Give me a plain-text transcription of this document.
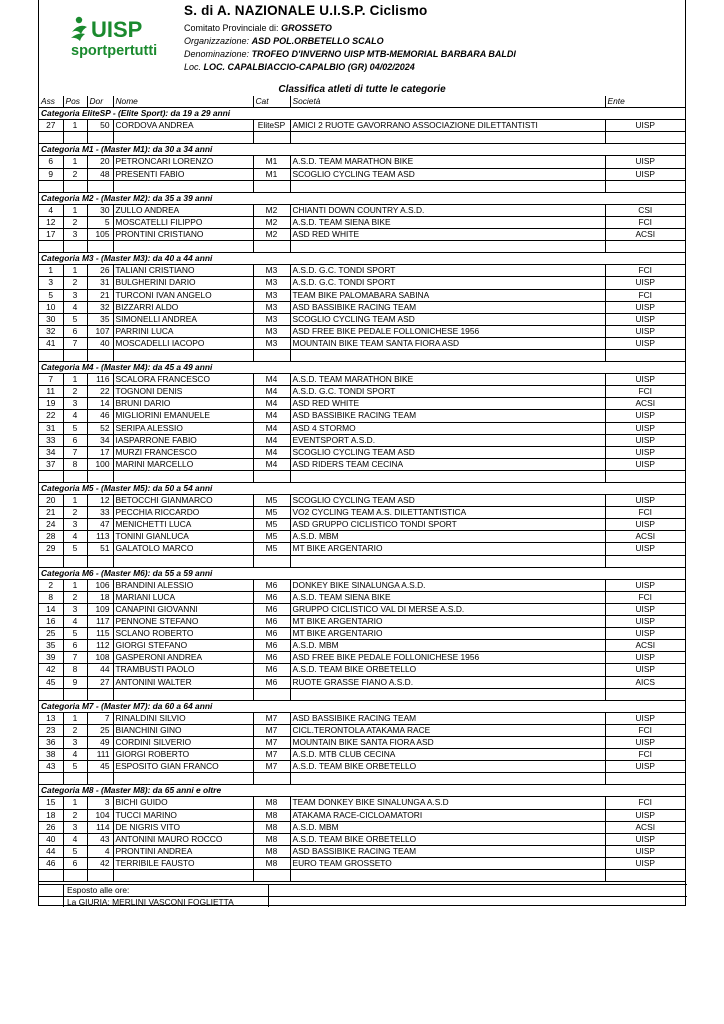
UISP
sportpertutti
S. di A. NAZIONALE U.I.S.P. Ciclismo
Comitato Provinciale di: GROSSETO
Organizzazione: ASD POL.ORBETELLO SCALO
Denominazione: TROFEO D'INVERNO UISP MTB-MEMORIAL BARBARA BALDI
Loc. LOC. CAPALBIACCIO-CAPALBIO (GR) 04/02/2024
Classifica atleti di tutte le categorie
Ass	Pos	Dor	Nome	Cat	Società	Ente
Categoria EliteSP - (Elite Sport): da 19 a 29 anni						
27	1	50	CORDOVA ANDREA	EliteSP	AMICI 2 RUOTE GAVORRANO ASSOCIAZIONE DILETTANTISTI	UISP

Categoria M1 - (Master M1): da 30 a 34 anni						
6	1	20	PETRONCARI LORENZO	M1	A.S.D. TEAM MARATHON BIKE	UISP
9	2	48	PRESENTI FABIO	M1	SCOGLIO CYCLING TEAM ASD	UISP

Categoria M2 - (Master M2): da 35 a 39 anni						
4	1	30	ZULLO ANDREA	M2	CHIANTI DOWN COUNTRY A.S.D.	CSI
12	2	5	MOSCATELLI FILIPPO	M2	A.S.D. TEAM SIENA BIKE	FCI
17	3	105	PRONTINI CRISTIANO	M2	ASD RED WHITE	ACSI

Categoria M3 - (Master M3): da 40 a 44 anni						
1	1	26	TALIANI CRISTIANO	M3	A.S.D. G.C. TONDI SPORT	FCI
3	2	31	BULGHERINI DARIO	M3	A.S.D. G.C. TONDI SPORT	UISP
5	3	21	TURCONI IVAN ANGELO	M3	TEAM BIKE PALOMABARA SABINA	FCI
10	4	32	BIZZARRI ALDO	M3	ASD BASSIBIKE RACING TEAM	UISP
30	5	35	SIMONELLI ANDREA	M3	SCOGLIO CYCLING TEAM ASD	UISP
32	6	107	PARRINI LUCA	M3	ASD FREE BIKE PEDALE FOLLONICHESE 1956	UISP
41	7	40	MOSCADELLI IACOPO	M3	MOUNTAIN BIKE TEAM SANTA FIORA ASD	UISP

Categoria M4 - (Master M4): da 45 a 49 anni						
7	1	116	SCALORA FRANCESCO	M4	A.S.D. TEAM MARATHON BIKE	UISP
11	2	22	TOGNONI DENIS	M4	A.S.D. G.C. TONDI SPORT	FCI
19	3	14	BRUNI DARIO	M4	ASD RED WHITE	ACSI
22	4	46	MIGLIORINI EMANUELE	M4	ASD BASSIBIKE RACING TEAM	UISP
31	5	52	SERIPA ALESSIO	M4	ASD 4 STORMO	UISP
33	6	34	IASPARRONE FABIO	M4	EVENTSPORT A.S.D.	UISP
34	7	17	MURZI FRANCESCO	M4	SCOGLIO CYCLING TEAM ASD	UISP
37	8	100	MARINI MARCELLO	M4	ASD RIDERS TEAM CECINA	UISP

Categoria M5 - (Master M5): da 50 a 54 anni						
20	1	12	BETOCCHI GIANMARCO	M5	SCOGLIO CYCLING TEAM ASD	UISP
21	2	33	PECCHIA RICCARDO	M5	VO2 CYCLING TEAM A.S. DILETTANTISTICA	FCI
24	3	47	MENICHETTI LUCA	M5	ASD GRUPPO CICLISTICO TONDI SPORT	UISP
28	4	113	TONINI GIANLUCA	M5	A.S.D. MBM	ACSI
29	5	51	GALATOLO MARCO	M5	MT BIKE ARGENTARIO	UISP

Categoria M6 - (Master M6): da 55 a 59 anni						
2	1	106	BRANDINI ALESSIO	M6	DONKEY BIKE SINALUNGA A.S.D.	UISP
8	2	18	MARIANI LUCA	M6	A.S.D. TEAM SIENA BIKE	FCI
14	3	109	CANAPINI GIOVANNI	M6	GRUPPO CICLISTICO VAL DI MERSE A.S.D.	UISP
16	4	117	PENNONE STEFANO	M6	MT BIKE ARGENTARIO	UISP
25	5	115	SCLANO ROBERTO	M6	MT BIKE ARGENTARIO	UISP
35	6	112	GIORGI STEFANO	M6	A.S.D. MBM	ACSI
39	7	108	GASPERONI ANDREA	M6	ASD FREE BIKE PEDALE FOLLONICHESE 1956	UISP
42	8	44	TRAMBUSTI PAOLO	M6	A.S.D. TEAM BIKE ORBETELLO	UISP
45	9	27	ANTONINI WALTER	M6	RUOTE GRASSE FIANO A.S.D.	AICS

Categoria M7 - (Master M7): da 60 a 64 anni						
13	1	7	RINALDINI SILVIO	M7	ASD BASSIBIKE RACING TEAM	UISP
23	2	25	BIANCHINI GINO	M7	CICL.TERONTOLA ATAKAMA RACE	FCI
36	3	49	CORDINI SILVERIO	M7	MOUNTAIN BIKE SANTA FIORA ASD	UISP
38	4	111	GIORGI ROBERTO	M7	A.S.D. MTB CLUB CECINA	FCI
43	5	45	ESPOSITO GIAN FRANCO	M7	A.S.D. TEAM BIKE ORBETELLO	UISP

Categoria M8 - (Master M8): da 65 anni e oltre						
15	1	3	BICHI GUIDO	M8	TEAM DONKEY BIKE SINALUNGA A.S.D	FCI
18	2	104	TUCCI MARINO	M8	ATAKAMA RACE-CICLOAMATORI	UISP
26	3	114	DE NIGRIS VITO	M8	A.S.D. MBM	ACSI
40	4	43	ANTONINI MAURO ROCCO	M8	A.S.D. TEAM BIKE ORBETELLO	UISP
44	5	4	PRONTINI ANDREA	M8	ASD BASSIBIKE RACING TEAM	UISP
46	6	42	TERRIBILE FAUSTO	M8	EURO TEAM GROSSETO	UISP

Esposto alle ore:
La GIURIA: MERLINI VASCONI FOGLIETTA
